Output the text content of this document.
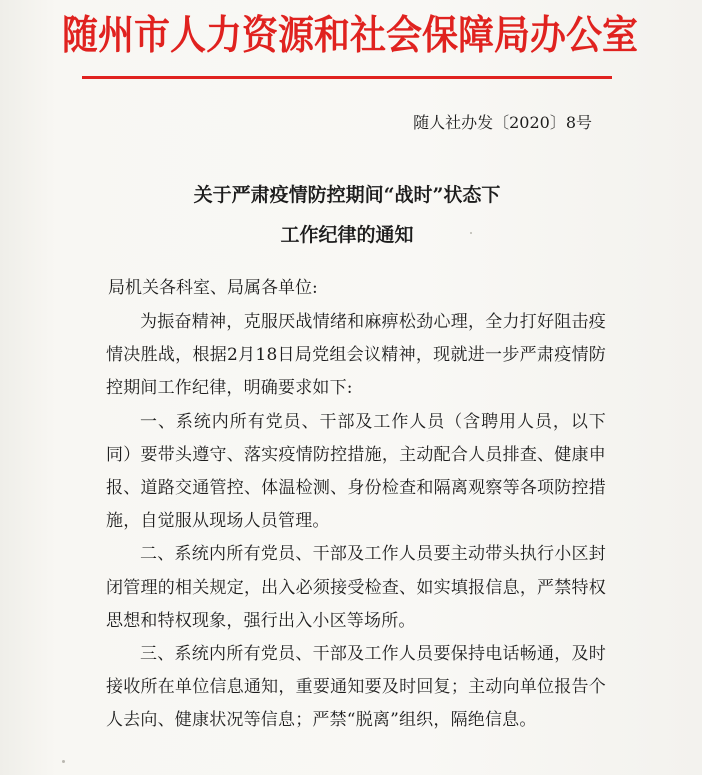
随州市人力资源和社会保障局办公室
随人社办发〔2020〕8号
关于严肃疫情防控期间“战时”状态下
工作纪律的通知
局机关各科室、局属各单位:

为振奋精神，克服厌战情绪和麻痹松劲心理，全力打好阻击疫情决胜战，根据2月18日局党组会议精神，现就进一步严肃疫情防控期间工作纪律，明确要求如下:

一、系统内所有党员、干部及工作人员（含聘用人员，以下同）要带头遵守、落实疫情防控措施，主动配合人员排查、健康申报、道路交通管控、体温检测、身份检查和隔离观察等各项防控措施，自觉服从现场人员管理。

二、系统内所有党员、干部及工作人员要主动带头执行小区封闭管理的相关规定，出入必须接受检查、如实填报信息，严禁特权思想和特权现象，强行出入小区等场所。

三、系统内所有党员、干部及工作人员要保持电话畅通，及时接收所在单位信息通知，重要通知要及时回复；主动向单位报告个人去向、健康状况等信息；严禁“脱离”组织，隔绝信息。
